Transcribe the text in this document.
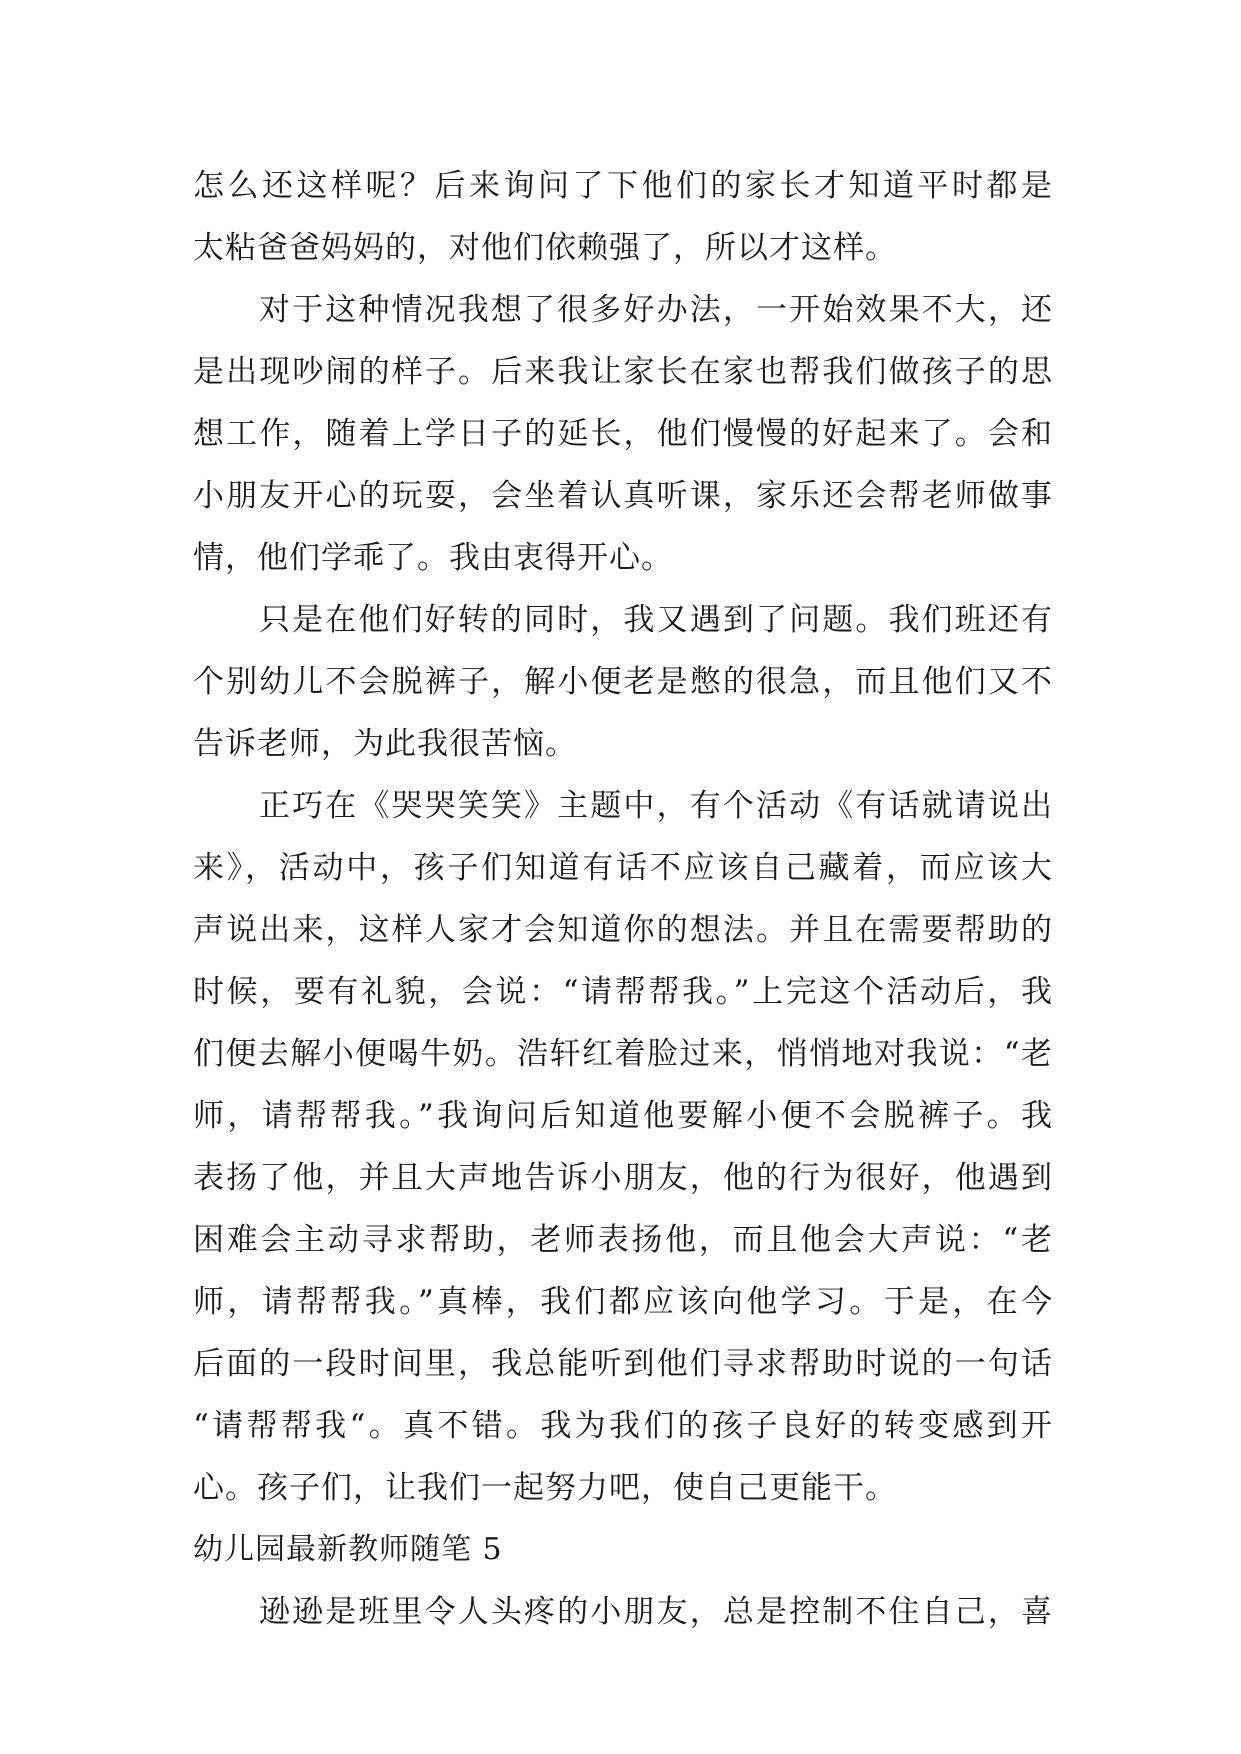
怎么还这样呢？后来询问了下他们的家长才知道平时都是
太粘爸爸妈妈的，对他们依赖强了，所以才这样。
对于这种情况我想了很多好办法，一开始效果不大，还
是出现吵闹的样子。后来我让家长在家也帮我们做孩子的思
想工作，随着上学日子的延长，他们慢慢的好起来了。会和
小朋友开心的玩耍，会坐着认真听课，家乐还会帮老师做事
情，他们学乖了。我由衷得开心。
只是在他们好转的同时，我又遇到了问题。我们班还有
个别幼儿不会脱裤子，解小便老是憋的很急，而且他们又不
告诉老师，为此我很苦恼。
正巧在《哭哭笑笑》主题中，有个活动《有话就请说出
来》，活动中，孩子们知道有话不应该自己藏着，而应该大
声说出来，这样人家才会知道你的想法。并且在需要帮助的
时候，要有礼貌，会说：“请帮帮我。”上完这个活动后，我
们便去解小便喝牛奶。浩轩红着脸过来，悄悄地对我说：“老
师，请帮帮我。”我询问后知道他要解小便不会脱裤子。我
表扬了他，并且大声地告诉小朋友，他的行为很好，他遇到
困难会主动寻求帮助，老师表扬他，而且他会大声说：“老
师，请帮帮我。”真棒，我们都应该向他学习。于是，在今
后面的一段时间里，我总能听到他们寻求帮助时说的一句话
“请帮帮我“。真不错。我为我们的孩子良好的转变感到开
心。孩子们，让我们一起努力吧，使自己更能干。
幼儿园最新教师随笔 5
逊逊是班里令人头疼的小朋友，总是控制不住自己，喜
